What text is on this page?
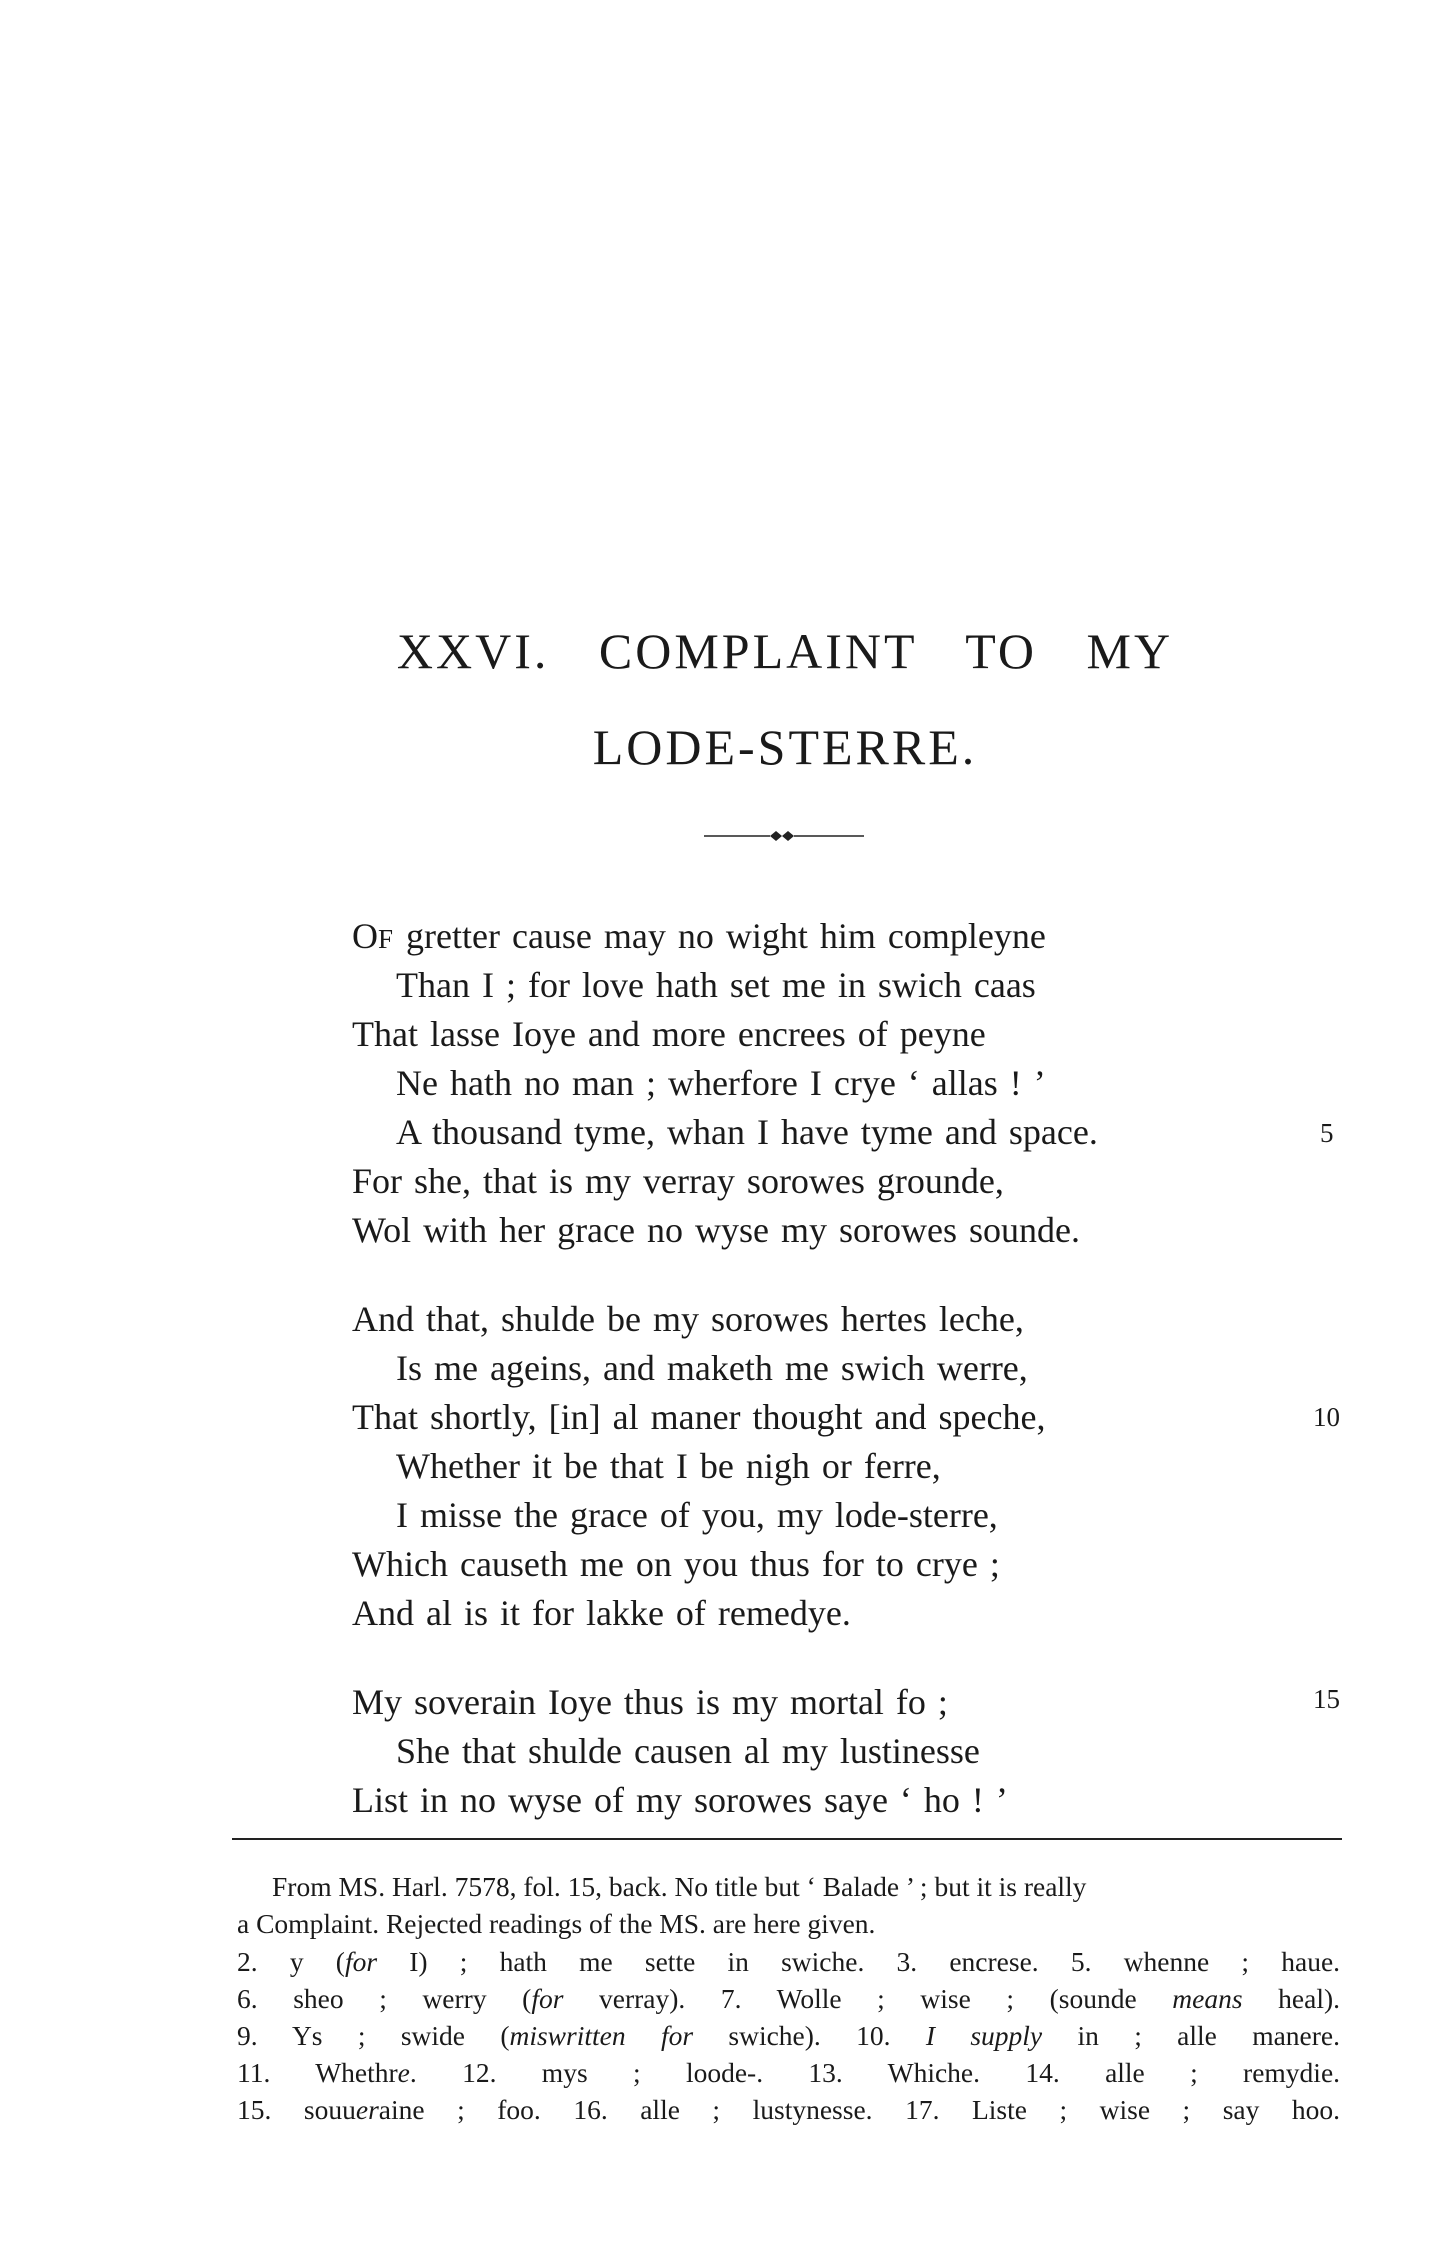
XXVI. COMPLAINT TO MY
LODE-STERRE.
OF gretter cause may no wight him compleyne
Than I ; for love hath set me in swich caas
That lasse Ioye and more encrees of peyne
Ne hath no man ; wherfore I crye ‘ allas ! ’
A thousand tyme, whan I have tyme and space.
For she, that is my verray sorowes grounde,
Wol with her grace no wyse my sorowes sounde.
And that, shulde be my sorowes hertes leche,
Is me ageins, and maketh me swich werre,
That shortly, [in] al maner thought and speche,
Whether it be that I be nigh or ferre,
I misse the grace of you, my lode-sterre,
Which causeth me on you thus for to crye ;
And al is it for lakke of remedye.
My soverain Ioye thus is my mortal fo ;
She that shulde causen al my lustinesse
List in no wyse of my sorowes saye ‘ ho ! ’
5
10
15
From MS. Harl. 7578, fol. 15, back. No title but ‘ Balade ’ ; but it is really
a Complaint. Rejected readings of the MS. are here given.
2. y (for I) ; hath me sette in swiche. 3. encrese. 5. whenne ; haue.
6. sheo ; werry (for verray). 7. Wolle ; wise ; (sounde means heal).
9. Ys ; swide (miswritten for swiche). 10. I supply in ; alle manere.
11. Whethre. 12. mys ; loode-. 13. Whiche. 14. alle ; remydie.
15. souueraine ; foo. 16. alle ; lustynesse. 17. Liste ; wise ; say hoo.
